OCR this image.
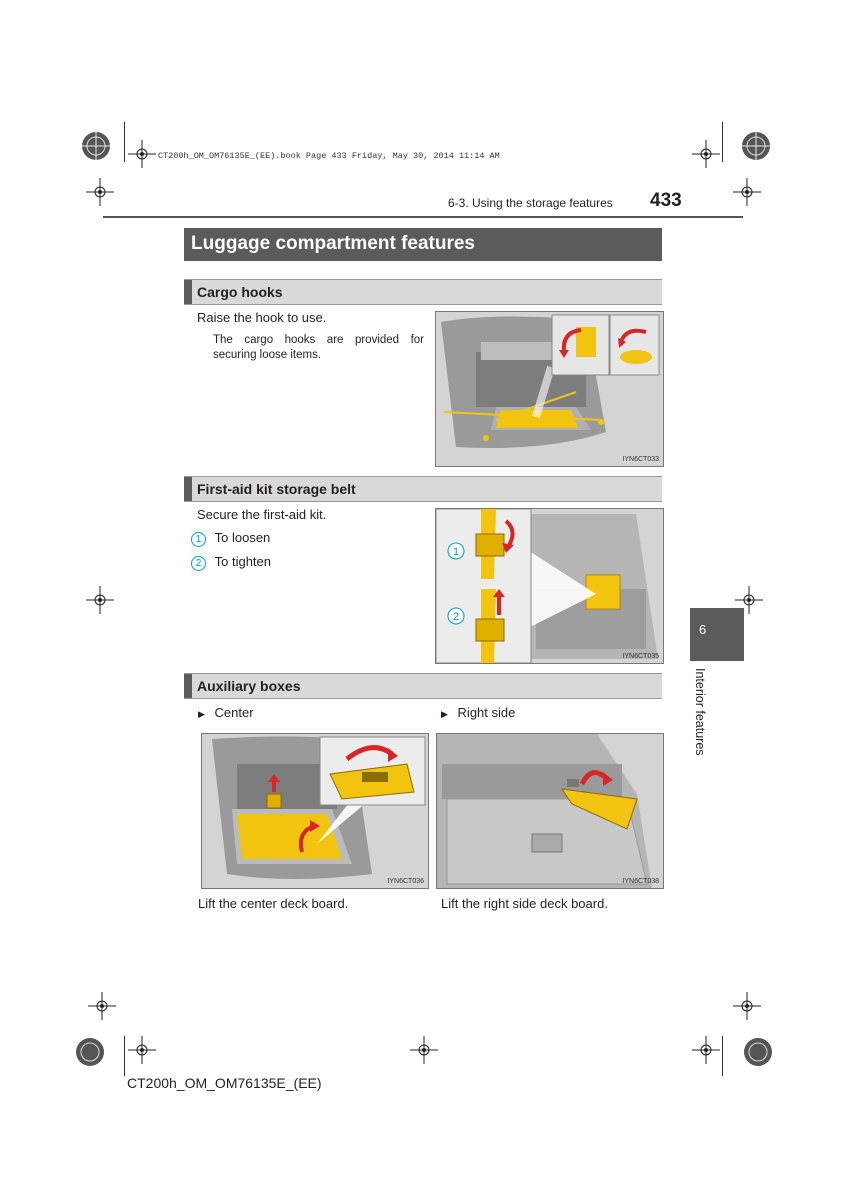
CT200h_OM_OM76135E_(EE).book Page 433 Friday, May 30, 2014 11:14 AM
6-3. Using the storage features 433
Luggage compartment features
Cargo hooks
Raise the hook to use.
The cargo hooks are provided for securing loose items.
IYN6CT033
First-aid kit storage belt
Secure the first-aid kit.
1 To loosen
2 To tighten
1
2
IYN6CT035
Auxiliary boxes
▶ Center	▶ Right side
IYN6CT036	IYN6CT038
Lift the center deck board.	Lift the right side deck board.
6
Interior features
CT200h_OM_OM76135E_(EE)
